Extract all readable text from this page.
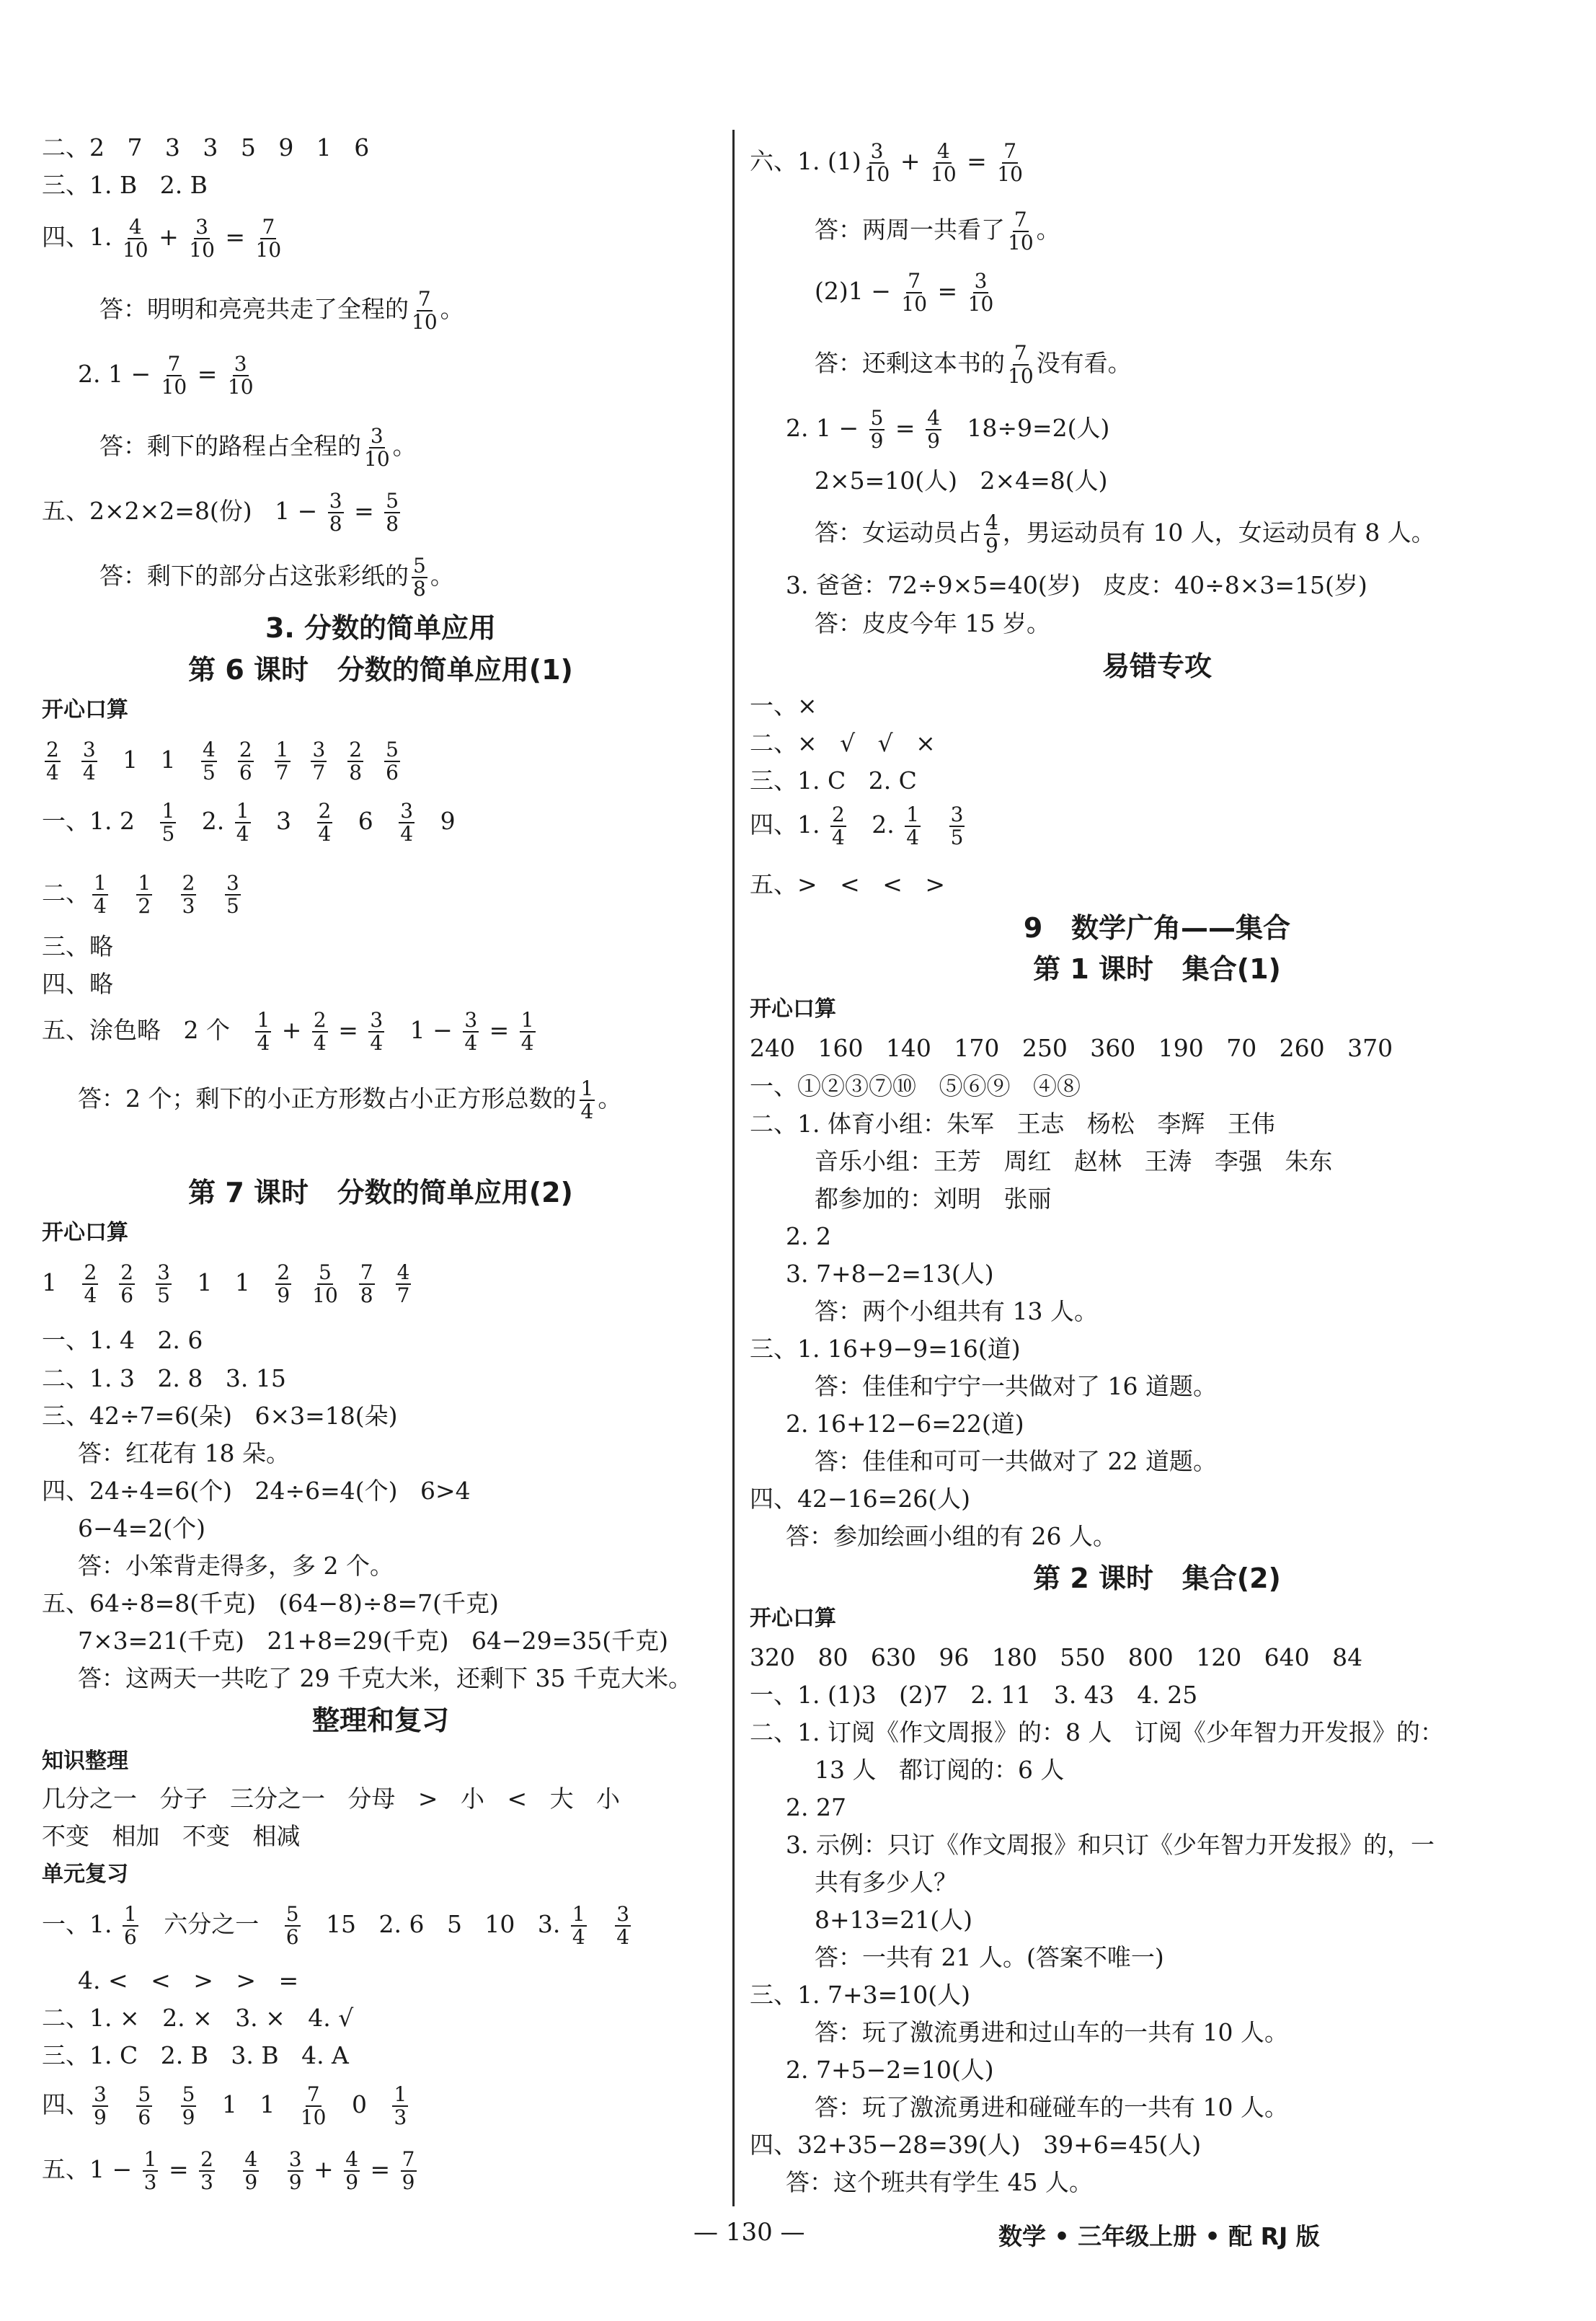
二、2   7   3   3   5   9   1   6
三、1. B   2. B
四、1. $\frac{4}{10} + \frac{3}{10} = \frac{7}{10}$
答：明明和亮亮共走了全程的 $\frac{7}{10}$ 。
2. $1 - \frac{7}{10} = \frac{3}{10}$
答：剩下的路程占全程的 $\frac{3}{10}$ 。
五、2×2×2=8(份)   $1 - \frac{3}{8} = \frac{5}{8}$
答：剩下的部分占这张彩纸的 $\frac{5}{8}$ 。
3. 分数的简单应用
第 6 课时   分数的简单应用(1)
开心口算
$\frac{2}{4}$
$\frac{3}{4} 1$   $1 \frac{4}{5}$
$\frac{2}{6}$
$\frac{1}{7}$
$\frac{3}{7}$
$\frac{2}{8}$
$\frac{5}{6}$
一、1. $2 \frac{1}{5} 2$. $\frac{1}{4} 3 \frac{2}{4} 6 \frac{3}{4} 9$
二、 $\frac{1}{4}$
$\frac{1}{2}$
$\frac{2}{3}$
$\frac{3}{5}$
三、略
四、略
五、涂色略   2 个 $\frac{1}{4} + \frac{2}{4} = \frac{3}{4} 1 - \frac{3}{4} = \frac{1}{4}$
答：2 个；剩下的小正方形数占小正方形总数的 $\frac{1}{4}$ 。
第 7 课时   分数的简单应用(2)
开心口算
$1 \frac{2}{4}$
$\frac{2}{6}$
$\frac{3}{5} 1$   $1 \frac{2}{9}$
$\frac{5}{10}$
$\frac{7}{8}$
$\frac{4}{7}$
一、1. 4   2. 6
二、1. 3   2. 8   3. 15
三、42÷7=6(朵)   6×3=18(朵)
答：红花有 18 朵。
四、24÷4=6(个)   24÷6=4(个)   6>4
6−4=2(个)
答：小笨背走得多，多 2 个。
五、64÷8=8(千克)   (64−8)÷8=7(千克)
7×3=21(千克)   21+8=29(千克)   64−29=35(千克)
答：这两天一共吃了 29 千克大米，还剩下 35 千克大米。
整理和复习
知识整理
几分之一   分子   三分之一   分母   >   小   <   大   小
不变   相加   不变   相减
单元复习
一、1. $\frac{1}{6}$ 六分之一 $\frac{5}{6} 15$   2. 6   5   10   3. $\frac{1}{4}$
$\frac{3}{4}$
4. <   <   >   >   =
二、1. ×   2. ×   3. ×   4. √
三、1. C   2. B   3. B   4. A
四、 $\frac{3}{9}$
$\frac{5}{6}$
$\frac{5}{9} 1$   $1 \frac{7}{10} 0 \frac{1}{3}$
五、$1 - \frac{1}{3} = \frac{2}{3}$
$\frac{4}{9}$
$\frac{3}{9} + \frac{4}{9} = \frac{7}{9}$
六、1. $(1) \frac{3}{10} + \frac{4}{10} = \frac{7}{10}$
答：两周一共看了 $\frac{7}{10}$ 。
$(2)1 - \frac{7}{10} = \frac{3}{10}$
答：还剩这本书的 $\frac{7}{10}$ 没有看。
2. $1 - \frac{5}{9} = \frac{4}{9} 18\div 9=2$(人)
2×5=10(人)   2×4=8(人)
答：女运动员占 $\frac{4}{9}$ ，男运动员有 10 人，女运动员有 8 人。
3. 爸爸：72÷9×5=40(岁)   皮皮：40÷8×3=15(岁)
答：皮皮今年 15 岁。
易错专攻
一、×
二、×   √   √   ×
三、1. C   2. C
四、1. $\frac{2}{4} 2$. $\frac{1}{4}$
$\frac{3}{5}$
五、>   <   <   >
9   数学广角——集合
第 1 课时   集合(1)
开心口算
240   160   140   170   250   360   190   70   260   370
一、①②③⑦⑩   ⑤⑥⑨   ④⑧
二、1. 体育小组：朱军   王志   杨松   李辉   王伟
音乐小组：王芳   周红   赵林   王涛   李强   朱东
都参加的：刘明   张丽
2. 2
3. 7+8−2=13(人)
答：两个小组共有 13 人。
三、1. 16+9−9=16(道)
答：佳佳和宁宁一共做对了 16 道题。
2. 16+12−6=22(道)
答：佳佳和可可一共做对了 22 道题。
四、42−16=26(人)
答：参加绘画小组的有 26 人。
第 2 课时   集合(2)
开心口算
320   80   630   96   180   550   800   120   640   84
一、1. (1)3   (2)7   2. 11   3. 43   4. 25
二、1. 订阅《作文周报》的：8 人   订阅《少年智力开发报》的：
13 人   都订阅的：6 人
2. 27
3. 示例：只订《作文周报》和只订《少年智力开发报》的，一
共有多少人？
8+13=21(人)
答：一共有 21 人。(答案不唯一)
三、1. 7+3=10(人)
答：玩了激流勇进和过山车的一共有 10 人。
2. 7+5−2=10(人)
答：玩了激流勇进和碰碰车的一共有 10 人。
四、32+35−28=39(人)   39+6=45(人)
答：这个班共有学生 45 人。
— 130 —	数学 • 三年级上册 • 配 RJ 版
